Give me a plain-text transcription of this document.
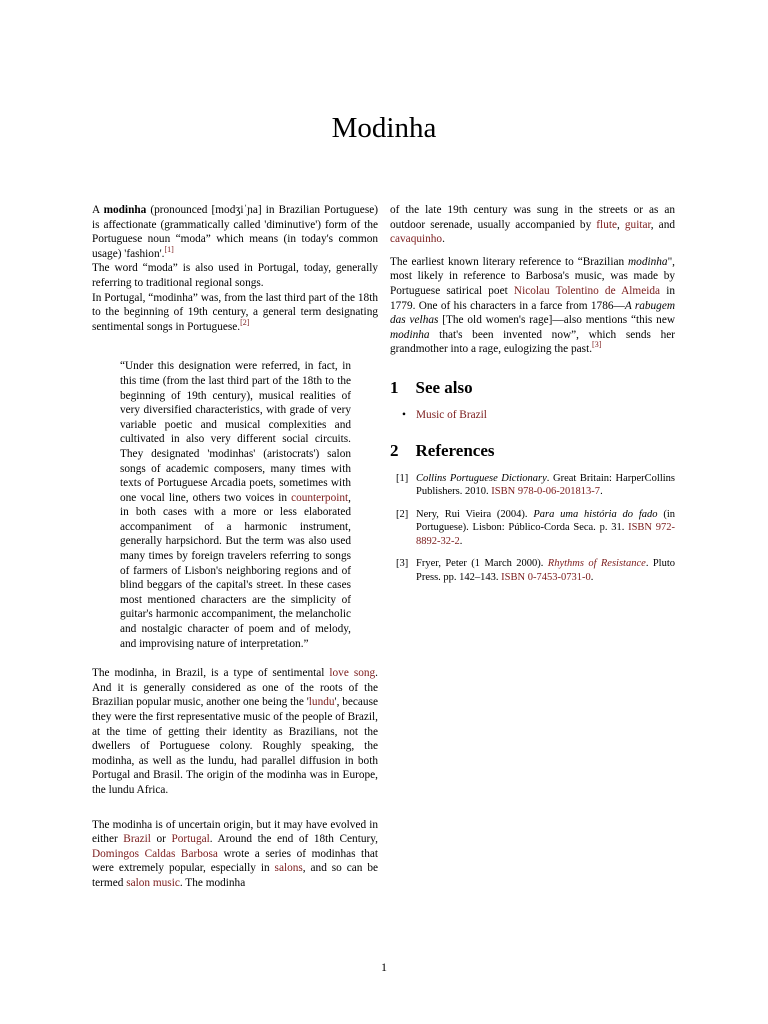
Modinha

A modinha (pronounced [modʒiˈɲa] in Brazilian Portuguese) is affectionate (grammatically called 'diminutive') form of the Portuguese noun “moda” which means (in today's common usage) 'fashion'.[1]

The word “moda” is also used in Portugal, today, generally referring to traditional regional songs.

In Portugal, “modinha” was, from the last third part of the 18th to the beginning of 19th century, a general term designating sentimental songs in Portuguese.[2]

“Under this designation were referred, in fact, in this time (from the last third part of the 18th to the beginning of 19th century), musical realities of very diversified characteristics, with grade of very variable poetic and musical complexities and cultivated in also very different social circuits. They designated 'modinhas' (aristocrats') salon songs of academic composers, many times with texts of Portuguese Arcadia poets, sometimes with one vocal line, others two voices in counterpoint, in both cases with a more or less elaborated accompaniment of a harmonic instrument, generally harpsichord. But the term was also used many times by foreign travelers referring to songs of farmers of Lisbon's neighboring regions and of blind beggars of the capital's street. In these cases most mentioned characters are the simplicity of guitar's harmonic accompaniment, the melancholic and nostalgic character of poem and of melody, and improvising nature of interpretation.”

The modinha, in Brazil, is a type of sentimental love song. And it is generally considered as one of the roots of the Brazilian popular music, another one being the 'lundu', because they were the first representative music of the people of Brazil, at the time of getting their identity as Brazilians, not the dwellers of Portuguese colony. Roughly speaking, the modinha, as well as the lundu, had parallel diffusion in both Portugal and Brasil. The origin of the modinha was in Europe, the lundu Africa.

The modinha is of uncertain origin, but it may have evolved in either Brazil or Portugal. Around the end of 18th Century, Domingos Caldas Barbosa wrote a series of modinhas that were extremely popular, especially in salons, and so can be termed salon music. The modinha

of the late 19th century was sung in the streets or as an outdoor serenade, usually accompanied by flute, guitar, and cavaquinho.

The earliest known literary reference to “Brazilian modinha", most likely in reference to Barbosa's music, was made by Portuguese satirical poet Nicolau Tolentino de Almeida in 1779. One of his characters in a farce from 1786—A rabugem das velhas [The old women's rage]—also mentions “this new modinha that's been invented now”, which sends her grandmother into a rage, eulogizing the past.[3]

1 See also
• Music of Brazil
2 References
[1] Collins Portuguese Dictionary. Great Britain: HarperCollins Publishers. 2010. ISBN 978-0-06-201813-7.
[2] Nery, Rui Vieira (2004). Para uma história do fado (in Portuguese). Lisbon: Público-Corda Seca. p. 31. ISBN 972-8892-32-2.
[3] Fryer, Peter (1 March 2000). Rhythms of Resistance. Pluto Press. pp. 142–143. ISBN 0-7453-0731-0.
1
